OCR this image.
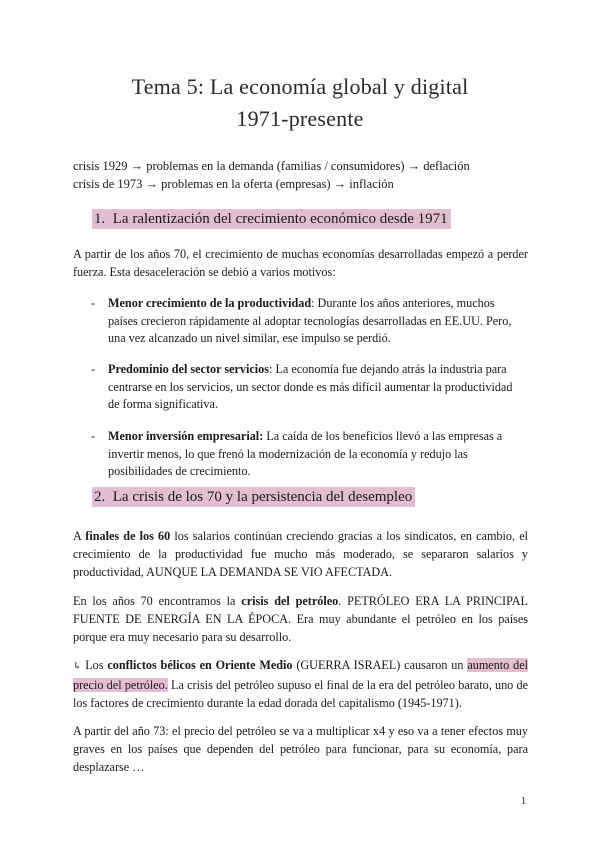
Tema 5: La economía global y digital
1971-presente
crisis 1929 → problemas en la demanda (familias / consumidores) → deflación
crisis de 1973 → problemas en la oferta (empresas) → inflación
1. La ralentización del crecimiento económico desde 1971
A partir de los años 70, el crecimiento de muchas economías desarrolladas empezó a perder fuerza. Esta desaceleración se debió a varios motivos:
- Menor crecimiento de la productividad: Durante los años anteriores, muchos países crecieron rápidamente al adoptar tecnologías desarrolladas en EE.UU. Pero, una vez alcanzado un nivel similar, ese impulso se perdió.
- Predominio del sector servicios: La economía fue dejando atrás la industria para centrarse en los servicios, un sector donde es más difícil aumentar la productividad de forma significativa.
- Menor inversión empresarial: La caída de los beneficios llevó a las empresas a invertir menos, lo que frenó la modernización de la economía y redujo las posibilidades de crecimiento.
2. La crisis de los 70 y la persistencia del desempleo
A finales de los 60 los salarios continúan creciendo gracias a los sindicatos, en cambio, el crecimiento de la productividad fue mucho más moderado, se separaron salarios y productividad, AUNQUE LA DEMANDA SE VIO AFECTADA.
En los años 70 encontramos la crisis del petróleo. PETRÓLEO ERA LA PRINCIPAL FUENTE DE ENERGÍA EN LA ÉPOCA. Era muy abundante el petróleo en los países porque era muy necesario para su desarrollo.
↳ Los conflictos bélicos en Oriente Medio (GUERRA ISRAEL) causaron un aumento del precio del petróleo. La crisis del petróleo supuso el final de la era del petróleo barato, uno de los factores de crecimiento durante la edad dorada del capitalismo (1945-1971).
A partir del año 73: el precio del petróleo se va a multiplicar x4 y eso va a tener efectos muy graves en los países que dependen del petróleo para funcionar, para su economía, para desplazarse …
1
